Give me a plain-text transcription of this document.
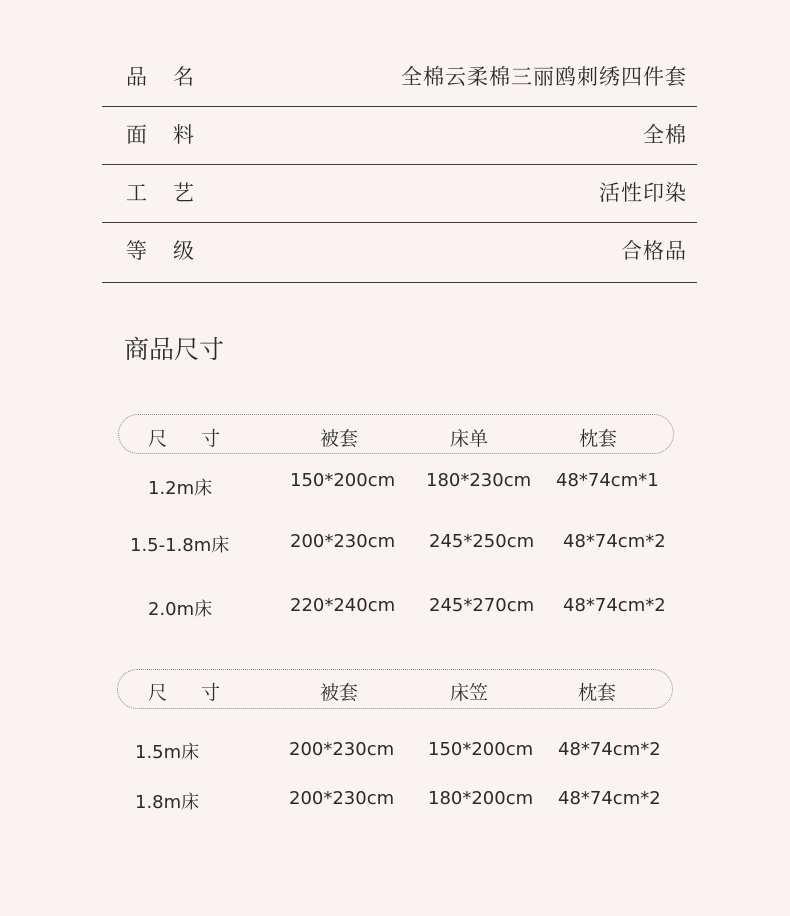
品名	全棉云柔棉三丽鸥刺绣四件套
面料	全棉
工艺	活性印染
等级	合格品
商品尺寸
尺 寸	被套	床单	枕套
1.2m床	150*200cm 180*230cm 48*74cm*1
1.5-1.8m床	200*230cm 245*250cm 48*74cm*2
2.0m床	220*240cm 245*270cm 48*74cm*2
尺 寸	被套	床笠	枕套
1.5m床	200*230cm 150*200cm 48*74cm*2
1.8m床	200*230cm 180*200cm 48*74cm*2
